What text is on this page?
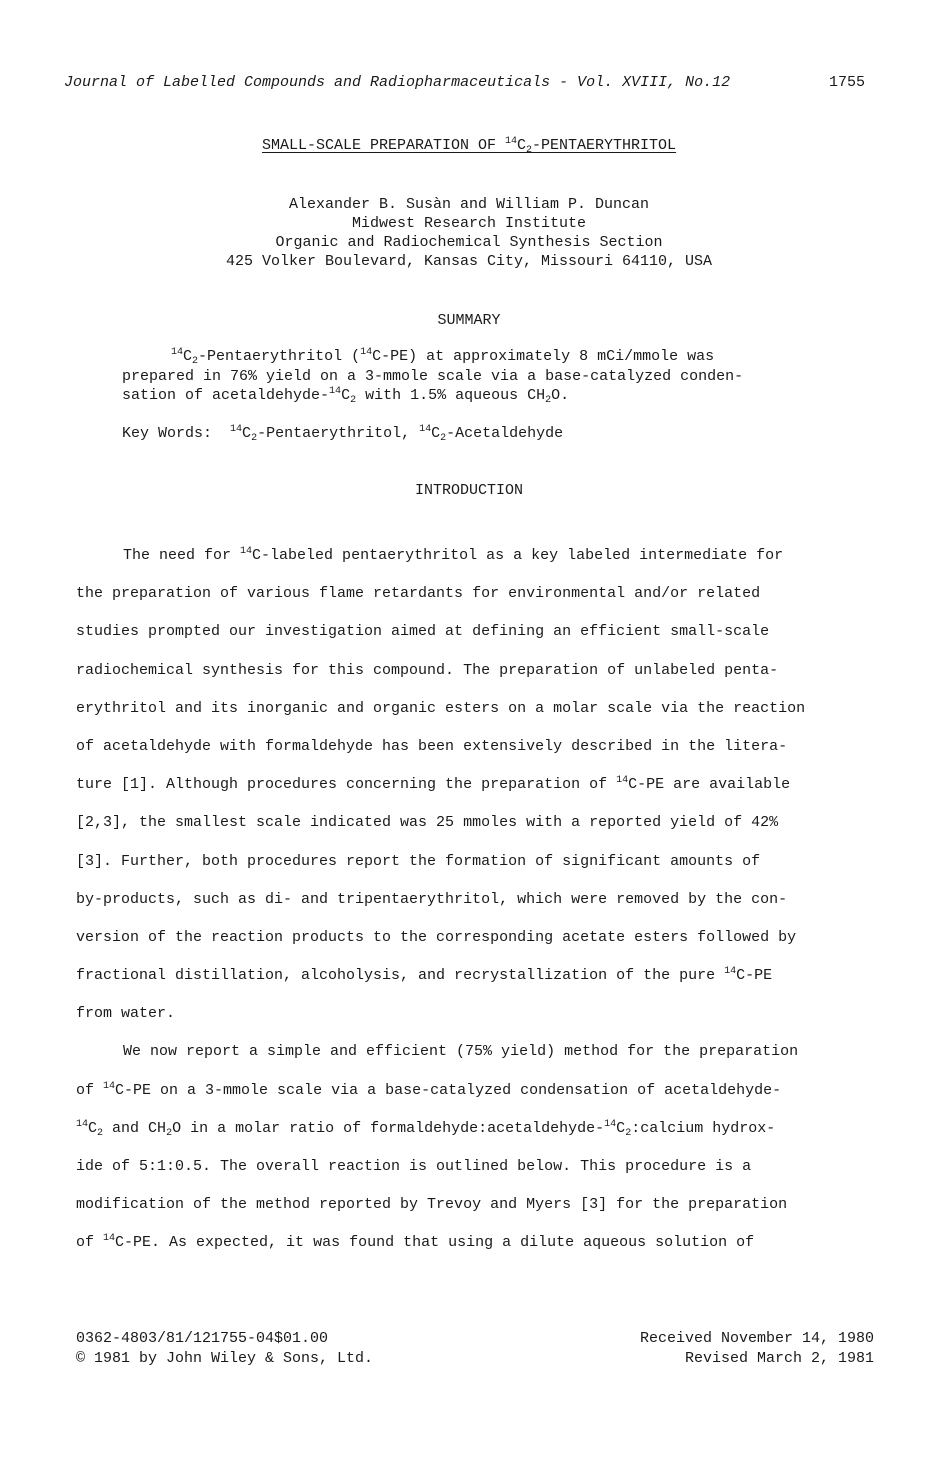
Journal of Labelled Compounds and Radiopharmaceuticals - Vol. XVIII, No.12	1755
SMALL-SCALE PREPARATION OF $^{14}C_2$-PENTAERYTHRITOL
Alexander B. Susàn and William P. Duncan
Midwest Research Institute
Organic and Radiochemical Synthesis Section
425 Volker Boulevard, Kansas City, Missouri 64110, USA
SUMMARY

$^{14}C_2$-Pentaerythritol ($^{14}$C-PE) at approximately 8 mCi/mmole was

prepared in 76% yield on a 3-mmole scale via a base-catalyzed conden-

sation of acetaldehyde-$^{14}C_2$ with 1.5% aqueous $CH_2O$.

Key Words: $^{14}C_2$-Pentaerythritol, $^{14}C_2$-Acetaldehyde
INTRODUCTION
The need for $^{14}$C-labeled pentaerythritol as a key labeled intermediate for
the preparation of various flame retardants for environmental and/or related
studies prompted our investigation aimed at defining an efficient small-scale
radiochemical synthesis for this compound. The preparation of unlabeled penta-
erythritol and its inorganic and organic esters on a molar scale via the reaction
of acetaldehyde with formaldehyde has been extensively described in the litera-
ture [1]. Although procedures concerning the preparation of $^{14}$C-PE are available
[2,3], the smallest scale indicated was 25 mmoles with a reported yield of 42%
[3]. Further, both procedures report the formation of significant amounts of
by-products, such as di- and tripentaerythritol, which were removed by the con-
version of the reaction products to the corresponding acetate esters followed by
fractional distillation, alcoholysis, and recrystallization of the pure $^{14}$C-PE
from water.
We now report a simple and efficient (75% yield) method for the preparation
of $^{14}$C-PE on a 3-mmole scale via a base-catalyzed condensation of acetaldehyde-
$^{14}C_2$ and $CH_2O$ in a molar ratio of $formaldehyde:acetaldehyde-^{14}C_2:calcium$ hydrox-
ide of 5:1:0.5. The overall reaction is outlined below. This procedure is a
modification of the method reported by Trevoy and Myers [3] for the preparation
of $^{14}$C-PE. As expected, it was found that using a dilute aqueous solution of
0362-4803/81/121755-04$01.00
© 1981 by John Wiley & Sons, Ltd.
Received November 14, 1980
Revised March 2, 1981
